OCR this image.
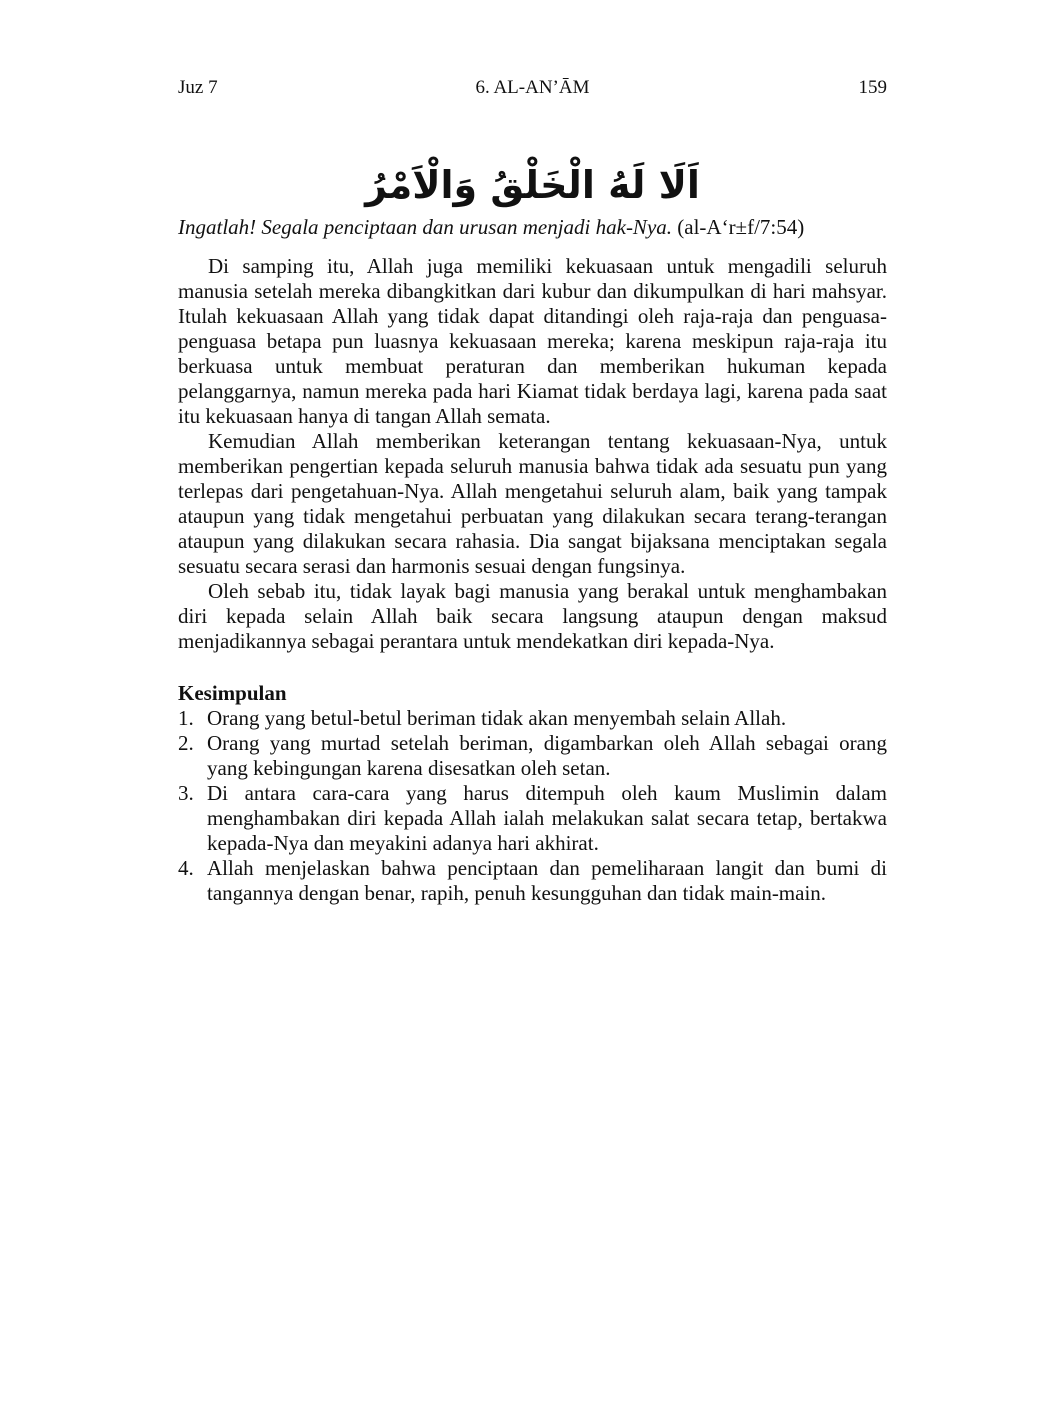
Juz 7	6. AL-AN’ĀM	159
اَلَا لَهُ الْخَلْقُ وَالْاَمْرُ
Ingatlah! Segala penciptaan dan urusan menjadi hak-Nya. (al-A‘r±f/7:54)

Di samping itu, Allah juga memiliki kekuasaan untuk mengadili seluruh manusia setelah mereka dibangkitkan dari kubur dan dikumpulkan di hari mahsyar. Itulah kekuasaan Allah yang tidak dapat ditandingi oleh raja-raja dan penguasa-penguasa betapa pun luasnya kekuasaan mereka; karena meskipun raja-raja itu berkuasa untuk membuat peraturan dan memberikan hukuman kepada pelanggarnya, namun mereka pada hari Kiamat tidak berdaya lagi, karena pada saat itu kekuasaan hanya di tangan Allah semata.

Kemudian Allah memberikan keterangan tentang kekuasaan-Nya, untuk memberikan pengertian kepada seluruh manusia bahwa tidak ada sesuatu pun yang terlepas dari pengetahuan-Nya. Allah mengetahui seluruh alam, baik yang tampak ataupun yang tidak mengetahui perbuatan yang dilakukan secara terang-terangan ataupun yang dilakukan secara rahasia. Dia sangat bijaksana menciptakan segala sesuatu secara serasi dan harmonis sesuai dengan fungsinya.

Oleh sebab itu, tidak layak bagi manusia yang berakal untuk menghambakan diri kepada selain Allah baik secara langsung ataupun dengan maksud menjadikannya sebagai perantara untuk mendekatkan diri kepada-Nya.

Kesimpulan
1. Orang yang betul-betul beriman tidak akan menyembah selain Allah.
2. Orang yang murtad setelah beriman, digambarkan oleh Allah sebagai orang yang kebingungan karena disesatkan oleh setan.
3. Di antara cara-cara yang harus ditempuh oleh kaum Muslimin dalam menghambakan diri kepada Allah ialah melakukan salat secara tetap, bertakwa kepada-Nya dan meyakini adanya hari akhirat.
4. Allah menjelaskan bahwa penciptaan dan pemeliharaan langit dan bumi di tangannya dengan benar, rapih, penuh kesungguhan dan tidak main-main.
